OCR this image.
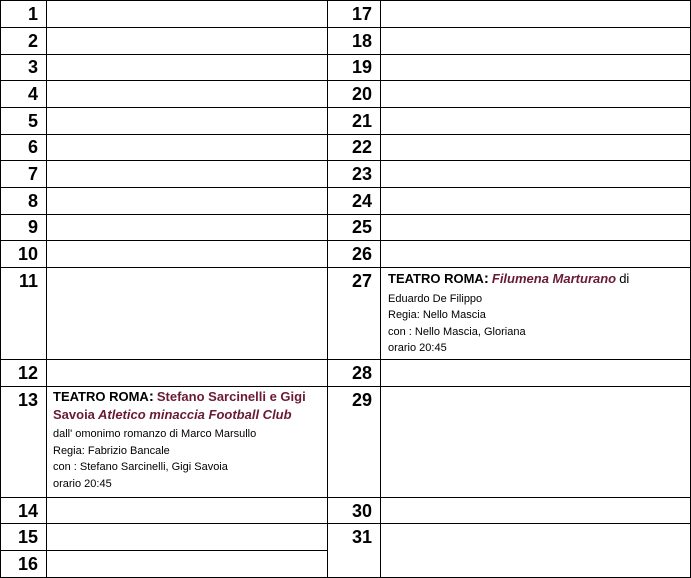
1
2
3
4
5
6
7
8
9
10
11
12
13
14
15
16
17
18
19
20
21
22
23
24
25
26
27
28
29
30
31
TEATRO ROMA: Stefano Sarcinelli e Gigi Savoia Atletico minaccia Football Club
dall' omonimo romanzo di Marco Marsullo
Regia: Fabrizio Bancale
con : Stefano Sarcinelli, Gigi Savoia
orario 20:45
TEATRO ROMA: Filumena Marturano di
Eduardo De Filippo
Regia: Nello Mascia
con : Nello Mascia, Gloriana
orario 20:45
